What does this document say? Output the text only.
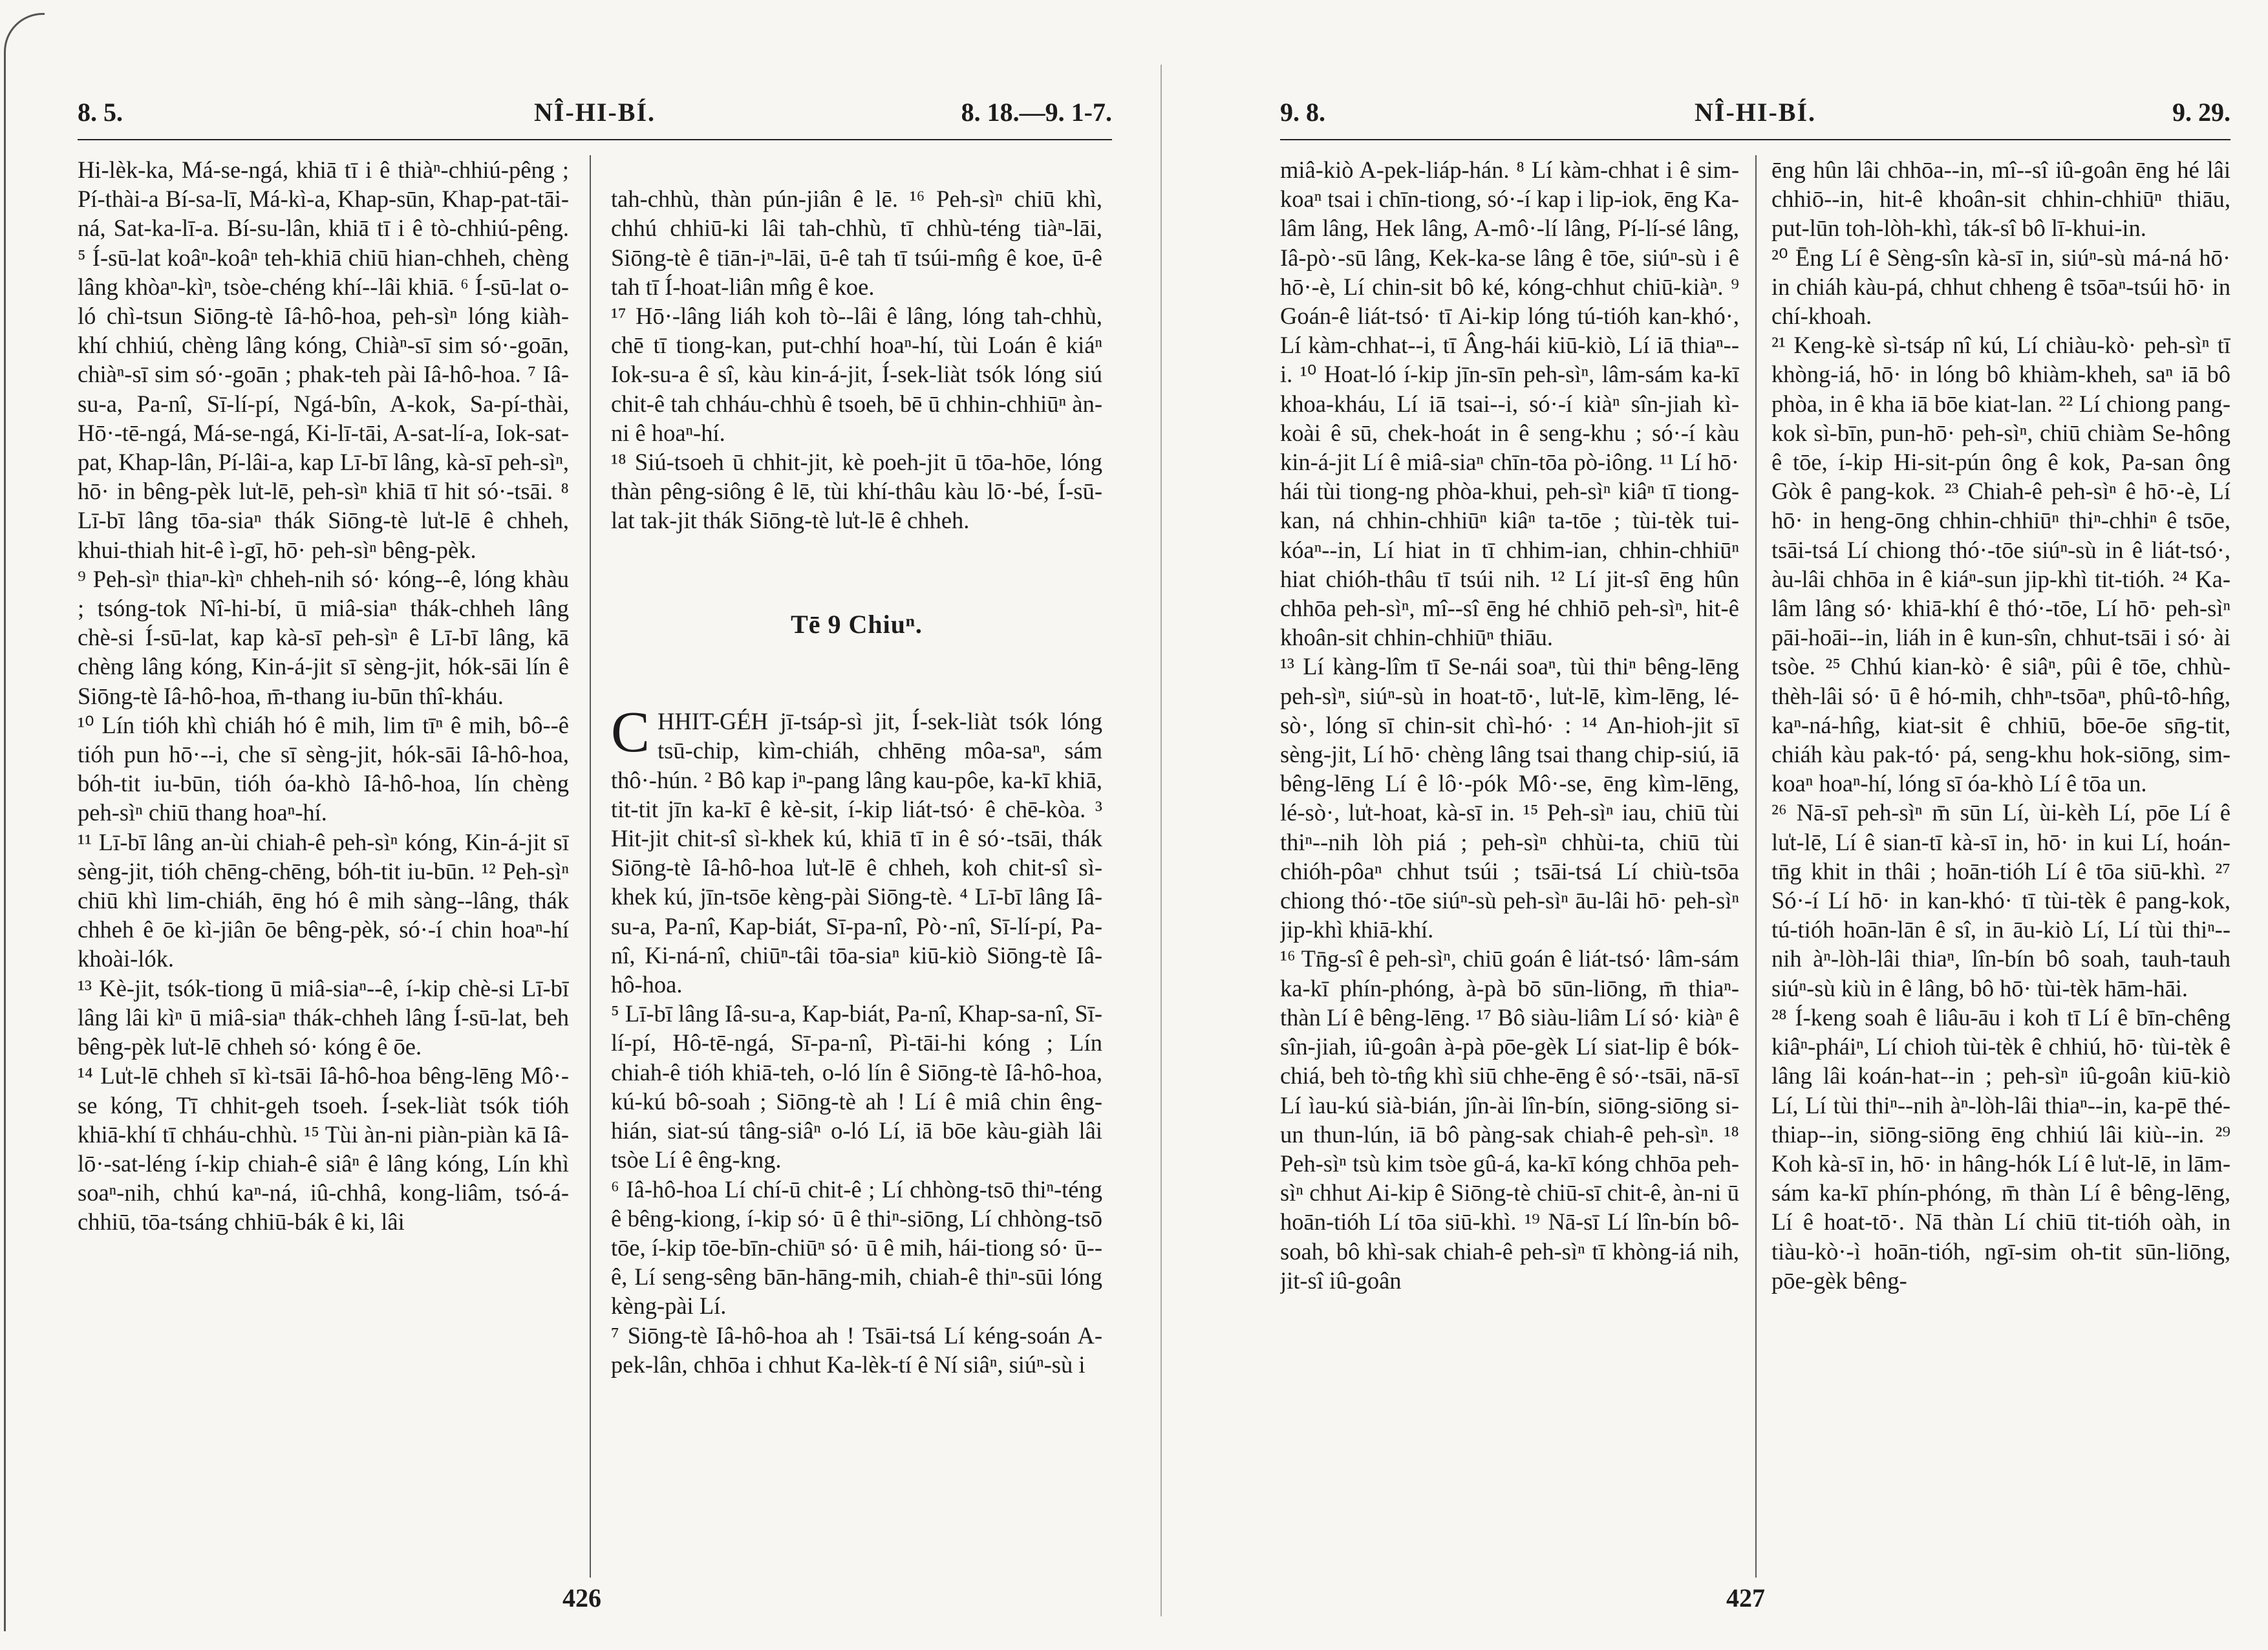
8. 5.	NÎ-HI-BÍ.	8. 18.—9. 1-7.
Hi-lèk-ka, Má-se-ngá, khiā tī i ê thiàⁿ-chhiú-pêng ; Pí-thài-a Bí-sa-lī, Má-kì-a, Khap-sūn, Khap-pat-tāi-ná, Sat-ka-lī-a. Bí-su-lân, khiā tī i ê tò-chhiú-pêng. ⁵ Í-sū-lat koâⁿ-koâⁿ teh-khiā chiū hian-chheh, chèng lâng khòaⁿ-kìⁿ, tsòe-chéng khí--lâi khiā. ⁶ Í-sū-lat o-ló chì-tsun Siōng-tè Iâ-hô-hoa, peh-sìⁿ lóng kiàh-khí chhiú, chèng lâng kóng, Chiàⁿ-sī sim só·-goān, chiàⁿ-sī sim só·-goān ; phak-teh pài Iâ-hô-hoa. ⁷ Iâ-su-a, Pa-nî, Sī-lí-pí, Ngá-bîn, A-kok, Sa-pí-thài, Hō·-tē-ngá, Má-se-ngá, Ki-lī-tāi, A-sat-lí-a, Iok-sat-pat, Khap-lân, Pí-lâi-a, kap Lī-bī lâng, kà-sī peh-sìⁿ, hō· in bêng-pèk lu̍t-lē, peh-sìⁿ khiā tī hit só·-tsāi. ⁸ Lī-bī lâng tōa-siaⁿ thák Siōng-tè lu̍t-lē ê chheh, khui-thiah hit-ê ì-gī, hō· peh-sìⁿ bêng-pèk.
⁹ Peh-sìⁿ thiaⁿ-kìⁿ chheh-nih só· kóng--ê, lóng khàu ; tsóng-tok Nî-hi-bí, ū miâ-siaⁿ thák-chheh lâng chè-si Í-sū-lat, kap kà-sī peh-sìⁿ ê Lī-bī lâng, kā chèng lâng kóng, Kin-á-jit sī sèng-jit, hók-sāi lín ê Siōng-tè Iâ-hô-hoa, m̄-thang iu-būn thî-kháu.
¹⁰ Lín tióh khì chiáh hó ê mih, lim tīⁿ ê mih, bô--ê tióh pun hō·--i, che sī sèng-jit, hók-sāi Iâ-hô-hoa, bóh-tit iu-būn, tióh óa-khò Iâ-hô-hoa, lín chèng peh-sìⁿ chiū thang hoaⁿ-hí.
¹¹ Lī-bī lâng an-ùi chiah-ê peh-sìⁿ kóng, Kin-á-jit sī sèng-jit, tióh chēng-chēng, bóh-tit iu-būn. ¹² Peh-sìⁿ chiū khì lim-chiáh, ēng hó ê mih sàng--lâng, thák chheh ê ōe kì-jiân ōe bêng-pèk, só·-í chin hoaⁿ-hí khoài-lók.
¹³ Kè-jit, tsók-tiong ū miâ-siaⁿ--ê, í-kip chè-si Lī-bī lâng lâi kìⁿ ū miâ-siaⁿ thák-chheh lâng Í-sū-lat, beh bêng-pèk lu̍t-lē chheh só· kóng ê ōe.
¹⁴ Lu̍t-lē chheh sī kì-tsāi Iâ-hô-hoa bêng-lēng Mô·-se kóng, Tī chhit-geh tsoeh. Í-sek-liàt tsók tióh khiā-khí tī chháu-chhù. ¹⁵ Tùi àn-ni piàn-piàn kā Iâ-lō·-sat-léng í-kip chiah-ê siâⁿ ê lâng kóng, Lín khì soaⁿ-nih, chhú kaⁿ-ná, iû-chhâ, kong-liâm, tsó-á-chhiū, tōa-tsáng chhiū-bák ê ki, lâi

tah-chhù, thàn pún-jiân ê lē. ¹⁶ Peh-sìⁿ chiū khì, chhú chhiū-ki lâi tah-chhù, tī chhù-téng tiàⁿ-lāi, Siōng-tè ê tiān-iⁿ-lāi, ū-ê tah tī tsúi-mn̂g ê koe, ū-ê tah tī Í-hoat-liân mn̂g ê koe.
¹⁷ Hō·-lâng liáh koh tò--lâi ê lâng, lóng tah-chhù, chē tī tiong-kan, put-chhí hoaⁿ-hí, tùi Loán ê kiáⁿ Iok-su-a ê sî, kàu kin-á-jit, Í-sek-liàt tsók lóng siú chit-ê tah chháu-chhù ê tsoeh, bē ū chhin-chhiūⁿ àn-ni ê hoaⁿ-hí.
¹⁸ Siú-tsoeh ū chhit-jit, kè poeh-jit ū tōa-hōe, lóng thàn pêng-siông ê lē, tùi khí-thâu kàu lō·-bé, Í-sū-lat tak-jit thák Siōng-tè lu̍t-lē ê chheh.

Tē 9 Chiuⁿ.

CHHIT-GÉH jī-tsáp-sì jit, Í-sek-liàt tsók lóng tsū-chip, kìm-chiáh, chhēng môa-saⁿ, sám thô·-hún. ² Bô kap iⁿ-pang lâng kau-pôe, ka-kī khiā, tit-tit jīn ka-kī ê kè-sit, í-kip liát-tsó· ê chē-kòa. ³ Hit-jit chit-sî sì-khek kú, khiā tī in ê só·-tsāi, thák Siōng-tè Iâ-hô-hoa lu̍t-lē ê chheh, koh chit-sî sì-khek kú, jīn-tsōe kèng-pài Siōng-tè. ⁴ Lī-bī lâng Iâ-su-a, Pa-nî, Kap-biát, Sī-pa-nî, Pò·-nî, Sī-lí-pí, Pa-nî, Ki-ná-nî, chiūⁿ-tâi tōa-siaⁿ kiū-kiò Siōng-tè Iâ-hô-hoa.
⁵ Lī-bī lâng Iâ-su-a, Kap-biát, Pa-nî, Khap-sa-nî, Sī-lí-pí, Hô-tē-ngá, Sī-pa-nî, Pì-tāi-hi kóng ; Lín chiah-ê tióh khiā-teh, o-ló lín ê Siōng-tè Iâ-hô-hoa, kú-kú bô-soah ; Siōng-tè ah ! Lí ê miâ chin êng-hián, siat-sú tâng-siâⁿ o-ló Lí, iā bōe kàu-giàh lâi tsòe Lí ê êng-kng.
⁶ Iâ-hô-hoa Lí chí-ū chit-ê ; Lí chhòng-tsō thiⁿ-téng ê bêng-kiong, í-kip só· ū ê thiⁿ-siōng, Lí chhòng-tsō tōe, í-kip tōe-bīn-chiūⁿ só· ū ê mih, hái-tiong só· ū--ê, Lí seng-sêng bān-hāng-mih, chiah-ê thiⁿ-sūi lóng kèng-pài Lí.
⁷ Siōng-tè Iâ-hô-hoa ah ! Tsāi-tsá Lí kéng-soán A-pek-lân, chhōa i chhut Ka-lèk-tí ê Ní siâⁿ, siúⁿ-sù i

426
9. 8.	NÎ-HI-BÍ.	9. 29.
miâ-kiò A-pek-liáp-hán. ⁸ Lí kàm-chhat i ê sim-koaⁿ tsai i chīn-tiong, só·-í kap i lip-iok, ēng Ka-lâm lâng, Hek lâng, A-mô·-lí lâng, Pí-lí-sé lâng, Iâ-pò·-sū lâng, Kek-ka-se lâng ê tōe, siúⁿ-sù i ê hō·-è, Lí chin-sit bô ké, kóng-chhut chiū-kiàⁿ. ⁹ Goán-ê liát-tsó· tī Ai-kip lóng tú-tióh kan-khó·, Lí kàm-chhat--i, tī Âng-hái kiū-kiò, Lí iā thiaⁿ--i. ¹⁰ Hoat-ló í-kip jīn-sīn peh-sìⁿ, lâm-sám ka-kī khoa-kháu, Lí iā tsai--i, só·-í kiàⁿ sîn-jiah kì-koài ê sū, chek-hoát in ê seng-khu ; só·-í kàu kin-á-jit Lí ê miâ-siaⁿ chīn-tōa pò-iông. ¹¹ Lí hō· hái tùi tiong-ng phòa-khui, peh-sìⁿ kiâⁿ tī tiong-kan, ná chhin-chhiūⁿ kiâⁿ ta-tōe ; tùi-tèk tui-kóaⁿ--in, Lí hiat in tī chhim-ian, chhin-chhiūⁿ hiat chióh-thâu tī tsúi nih. ¹² Lí jit-sî ēng hûn chhōa peh-sìⁿ, mî--sî ēng hé chhiō peh-sìⁿ, hit-ê khoân-sit chhin-chhiūⁿ thiāu.
¹³ Lí kàng-lîm tī Se-nái soaⁿ, tùi thiⁿ bêng-lēng peh-sìⁿ, siúⁿ-sù in hoat-tō·, lu̍t-lē, kìm-lēng, lé-sò·, lóng sī chin-sit chì-hó· : ¹⁴ An-hioh-jit sī sèng-jit, Lí hō· chèng lâng tsai thang chip-siú, iā bêng-lēng Lí ê lô·-pók Mô·-se, ēng kìm-lēng, lé-sò·, lu̍t-hoat, kà-sī in. ¹⁵ Peh-sìⁿ iau, chiū tùi thiⁿ--nih lòh piá ; peh-sìⁿ chhùi-ta, chiū tùi chióh-pôaⁿ chhut tsúi ; tsāi-tsá Lí chiù-tsōa chiong thó·-tōe siúⁿ-sù peh-sìⁿ āu-lâi hō· peh-sìⁿ jip-khì khiā-khí.
¹⁶ Tn̄g-sî ê peh-sìⁿ, chiū goán ê liát-tsó· lâm-sám ka-kī phín-phóng, à-pà bō sūn-liōng, m̄ thiaⁿ-thàn Lí ê bêng-lēng. ¹⁷ Bô siàu-liâm Lí só· kiàⁿ ê sîn-jiah, iû-goân à-pà pōe-gèk Lí siat-lip ê bók-chiá, beh tò-tn̂g khì siū chhe-ēng ê só·-tsāi, nā-sī Lí ìau-kú sià-bián, jîn-ài lîn-bín, siōng-siōng si-un thun-lún, iā bô pàng-sak chiah-ê peh-sìⁿ. ¹⁸ Peh-sìⁿ tsù kim tsòe gû-á, ka-kī kóng chhōa peh-sìⁿ chhut Ai-kip ê Siōng-tè chiū-sī chit-ê, àn-ni ū hoān-tióh Lí tōa siū-khì. ¹⁹ Nā-sī Lí lîn-bín bô-soah, bô khì-sak chiah-ê peh-sìⁿ tī khòng-iá nih, jit-sî iû-goân
ēng hûn lâi chhōa--in, mî--sî iû-goân ēng hé lâi chhiō--in, hit-ê khoân-sit chhin-chhiūⁿ thiāu, put-lūn toh-lòh-khì, ták-sî bô lī-khui-in.
²⁰ Ēng Lí ê Sèng-sîn kà-sī in, siúⁿ-sù má-ná hō· in chiáh kàu-pá, chhut chheng ê tsōaⁿ-tsúi hō· in chí-khoah.
²¹ Keng-kè sì-tsáp nî kú, Lí chiàu-kò· peh-sìⁿ tī khòng-iá, hō· in lóng bô khiàm-kheh, saⁿ iā bô phòa, in ê kha iā bōe kiat-lan. ²² Lí chiong pang-kok sì-bīn, pun-hō· peh-sìⁿ, chiū chiàm Se-hông ê tōe, í-kip Hi-sit-pún ông ê kok, Pa-san ông Gòk ê pang-kok. ²³ Chiah-ê peh-sìⁿ ê hō·-è, Lí hō· in heng-ōng chhin-chhiūⁿ thiⁿ-chhiⁿ ê tsōe, tsāi-tsá Lí chiong thó·-tōe siúⁿ-sù in ê liát-tsó·, àu-lâi chhōa in ê kiáⁿ-sun jip-khì tit-tióh. ²⁴ Ka-lâm lâng só· khiā-khí ê thó·-tōe, Lí hō· peh-sìⁿ pāi-hoāi--in, liáh in ê kun-sîn, chhut-tsāi i só· ài tsòe. ²⁵ Chhú kian-kò· ê siâⁿ, pûi ê tōe, chhù-thèh-lâi só· ū ê hó-mih, chhⁿ-tsōaⁿ, phû-tô-hn̂g, kaⁿ-ná-hn̂g, kiat-sit ê chhiū, bōe-ōe sn̄g-tit, chiáh kàu pak-tó· pá, seng-khu hok-siōng, sim-koaⁿ hoaⁿ-hí, lóng sī óa-khò Lí ê tōa un.
²⁶ Nā-sī peh-sìⁿ m̄ sūn Lí, ùi-kèh Lí, pōe Lí ê lu̍t-lē, Lí ê sian-tī kà-sī in, hō· in kui Lí, hoán-tn̄g khit in thâi ; hoān-tióh Lí ê tōa siū-khì. ²⁷ Só·-í Lí hō· in kan-khó· tī tùi-tèk ê pang-kok, tú-tióh hoān-lān ê sî, in āu-kiò Lí, Lí tùi thiⁿ--nih àⁿ-lòh-lâi thiaⁿ, lîn-bín bô soah, tauh-tauh siúⁿ-sù kiù in ê lâng, bô hō· tùi-tèk hām-hāi.
²⁸ Í-keng soah ê liâu-āu i koh tī Lí ê bīn-chêng kiâⁿ-pháiⁿ, Lí chioh tùi-tèk ê chhiú, hō· tùi-tèk ê lâng lâi koán-hat--in ; peh-sìⁿ iû-goân kiū-kiò Lí, Lí tùi thiⁿ--nih àⁿ-lòh-lâi thiaⁿ--in, ka-pē thé-thiap--in, siōng-siōng ēng chhiú lâi kiù--in. ²⁹ Koh kà-sī in, hō· in hâng-hók Lí ê lu̍t-lē, in lām-sám ka-kī phín-phóng, m̄ thàn Lí ê bêng-lēng, Lí ê hoat-tō·. Nā thàn Lí chiū tit-tióh oàh, in tiàu-kò·-ì hoān-tióh, ngī-sim oh-tit sūn-liōng, pōe-gèk bêng-
427
